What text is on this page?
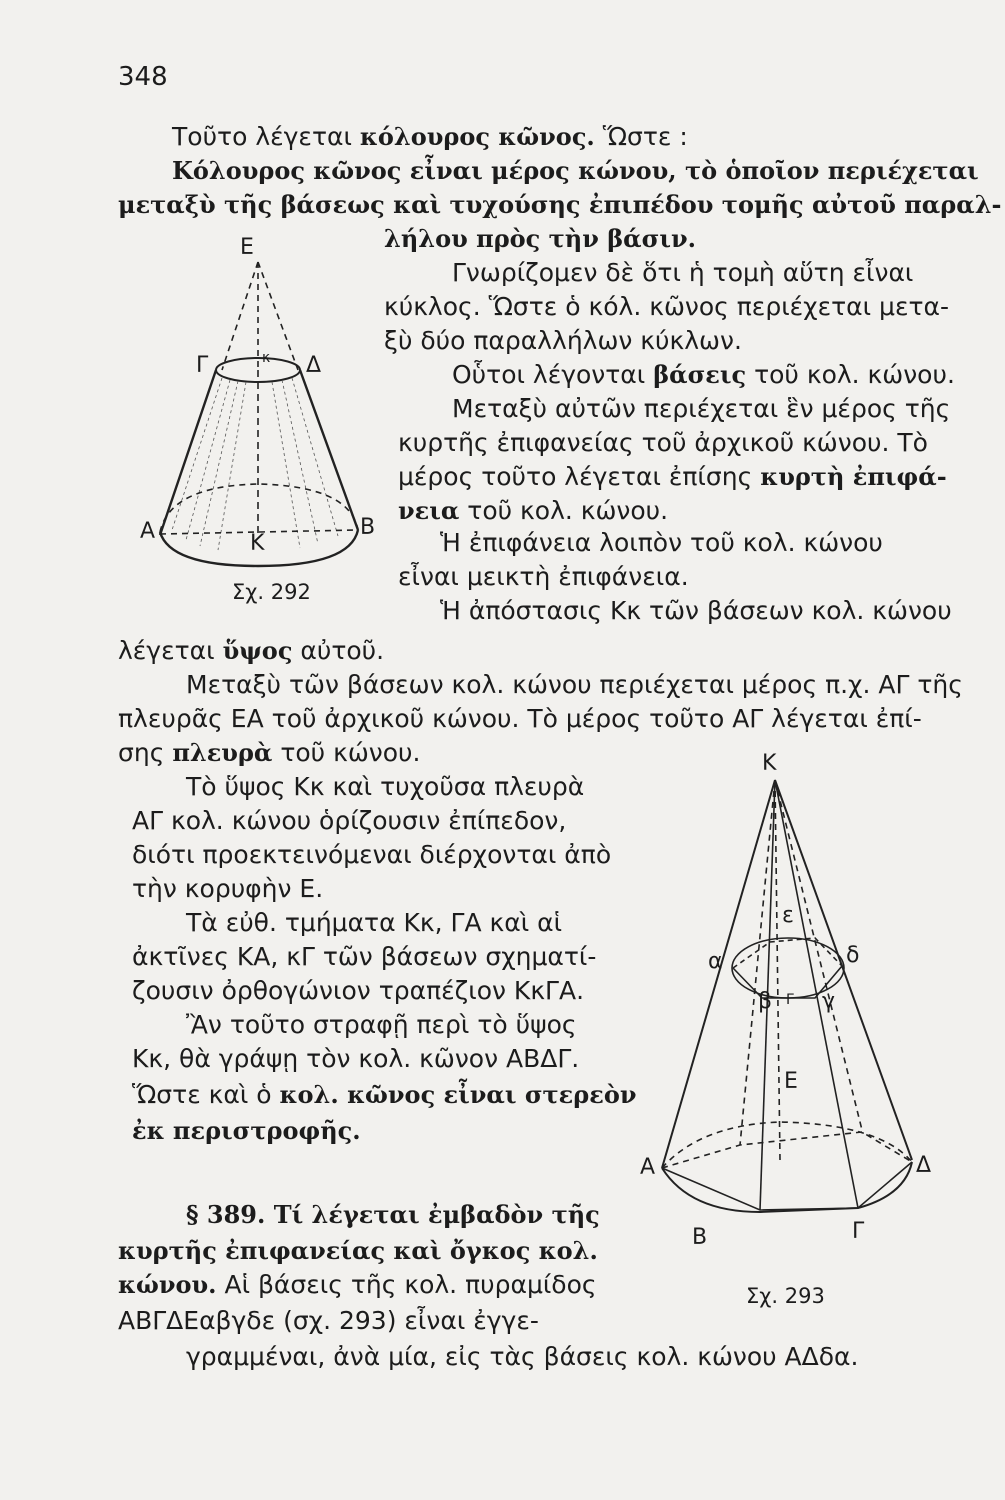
348
Τοῦτο λέγεται κόλουρος κῶνος. Ὥστε :
Κόλουρος κῶνος εἶναι μέρος κώνου, τὸ ὁποῖον περιέχεται
μεταξὺ τῆς βάσεως καὶ τυχούσης ἐπιπέδου τομῆς αὐτοῦ παραλ-
λήλου πρὸς τὴν βάσιν.
Γνωρίζομεν δὲ ὅτι ἡ τομὴ αὕτη εἶναι
κύκλος. Ὥστε ὁ κόλ. κῶνος περιέχεται μετα-
ξὺ δύο παραλλήλων κύκλων.
Οὗτοι λέγονται βάσεις τοῦ κολ. κώνου.
Μεταξὺ αὐτῶν περιέχεται ἓν μέρος τῆς
κυρτῆς ἐπιφανείας τοῦ ἀρχικοῦ κώνου. Τὸ
μέρος τοῦτο λέγεται ἐπίσης κυρτὴ ἐπιφά-
νεια τοῦ κολ. κώνου.
Ἡ ἐπιφάνεια λοιπὸν τοῦ κολ. κώνου
εἶναι μεικτὴ ἐπιφάνεια.
Ἡ ἀπόστασις Κκ τῶν βάσεων κολ. κώνου
λέγεται ὕψος αὐτοῦ.
Μεταξὺ τῶν βάσεων κολ. κώνου περιέχεται μέρος π.χ. ΑΓ τῆς
πλευρᾶς ΕΑ τοῦ ἀρχικοῦ κώνου. Τὸ μέρος τοῦτο ΑΓ λέγεται ἐπί-
σης πλευρὰ τοῦ κώνου.
Τὸ ὕψος Κκ καὶ τυχοῦσα πλευρὰ
ΑΓ κολ. κώνου ὁρίζουσιν ἐπίπεδον,
διότι προεκτεινόμεναι διέρχονται ἀπὸ
τὴν κορυφὴν Ε.
Τὰ εὐθ. τμήματα Κκ, ΓΑ καὶ αἱ
ἀκτῖνες ΚΑ, κΓ τῶν βάσεων σχηματί-
ζουσιν ὀρθογώνιον τραπέζιον ΚκΓΑ.
Ἂν τοῦτο στραφῇ περὶ τὸ ὕψος
Κκ, θὰ γράψῃ τὸν κολ. κῶνον ΑΒΔΓ.
Ὥστε καὶ ὁ κολ. κῶνος εἶναι στερεὸν
ἐκ περιστροφῆς.
§ 389. Τί λέγεται ἐμβαδὸν τῆς
κυρτῆς ἐπιφανείας καὶ ὄγκος κολ.
κώνου. Αἱ βάσεις τῆς κολ. πυραμίδος
ΑΒΓΔΕαβγδε (σχ. 293) εἶναι ἐγγε-
γραμμέναι, ἀνὰ μία, εἰς τὰς βάσεις κολ. κώνου ΑΔδα.
Ε
Γ	Δ
κ
Α	Β
Κ
Σχ. 292
Κ
ε
α	δ
β γ
Γ
Ε
Α	Δ
Β	Γ
Σχ. 293
